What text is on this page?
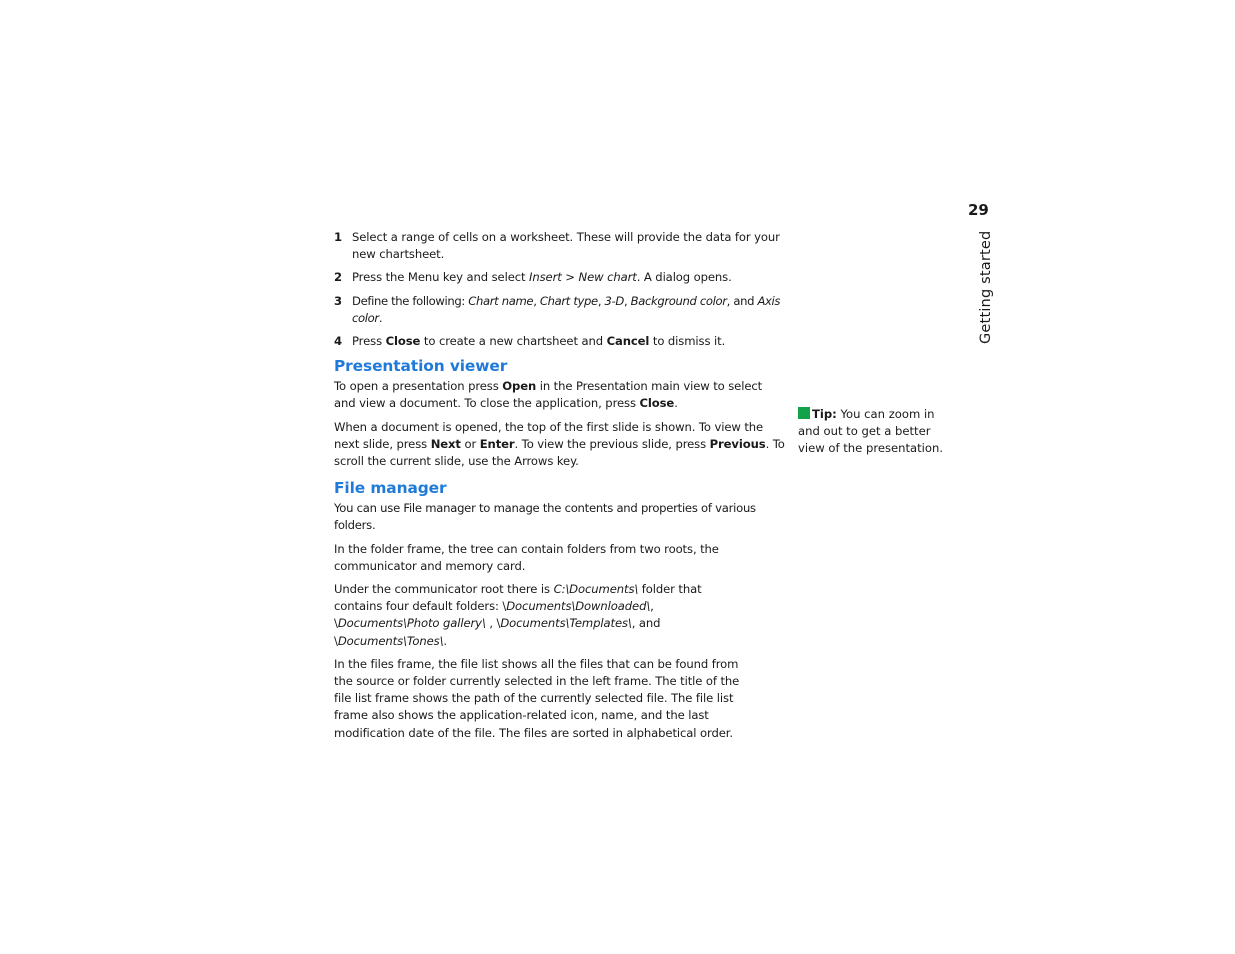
29
Getting started
1 Select a range of cells on a worksheet. These will provide the data for your new chartsheet.
2 Press the Menu key and select Insert > New chart. A dialog opens.
3 Define the following: Chart name, Chart type, 3-D, Background color, and Axis color.
4 Press Close to create a new chartsheet and Cancel to dismiss it.
Presentation viewer

To open a presentation press Open in the Presentation main view to select and view a document. To close the application, press Close.

When a document is opened, the top of the first slide is shown. To view the next slide, press Next or Enter. To view the previous slide, press Previous. To scroll the current slide, use the Arrows key.

File manager

You can use File manager to manage the contents and properties of various folders.

In the folder frame, the tree can contain folders from two roots, the communicator and memory card.

Under the communicator root there is C:\Documents\ folder that contains four default folders: \Documents\Downloaded\, \Documents\Photo gallery\ , \Documents\Templates\, and \Documents\Tones\.

In the files frame, the file list shows all the files that can be found from the source or folder currently selected in the left frame. The title of the file list frame shows the path of the currently selected file. The file list frame also shows the application-related icon, name, and the last modification date of the file. The files are sorted in alphabetical order.

Tip: You can zoom in and out to get a better view of the presentation.
